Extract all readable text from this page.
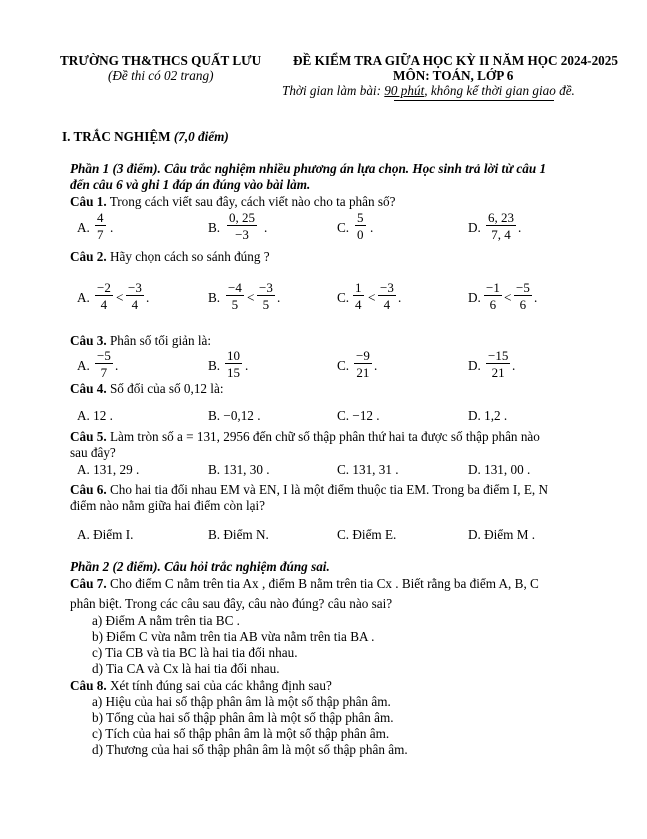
TRƯỜNG TH&THCS QUẤT LƯU
(Đề thi có 02 trang)
ĐỀ KIỂM TRA GIỮA HỌC KỲ II NĂM HỌC 2024-2025
MÔN: TOÁN, LỚP 6
Thời gian làm bài: 90 phút, không kể thời gian giao đề.
I. TRẮC NGHIỆM (7,0 điểm)
Phần 1 (3 điểm). Câu trắc nghiệm nhiều phương án lựa chọn. Học sinh trả lời từ câu 1
đến câu 6 và ghi 1 đáp án đúng vào bài làm.
Câu 1. Trong cách viết sau đây, cách viết nào cho ta phân số?
A. $\frac{4}{7}$ .	B. $\frac{0, 25}{-3}$ .	C. $\frac{5}{0}$ .	D. $\frac{6, 23}{7, 4}$ .
Câu 2. Hãy chọn cách so sánh đúng ?
A. $\frac{-2}{4} < \frac{-3}{4}$ .	B. $\frac{-4}{5} < \frac{-3}{5}$ .	C. $\frac{1}{4} < \frac{-3}{4}$ .	D. $\frac{-1}{6} < \frac{-5}{6}$ .
Câu 3. Phân số tối giản là:
A. $\frac{-5}{7}$ .	B. $\frac{10}{15}$ .	C. $\frac{-9}{21}$ .	D. $\frac{-15}{21}$ .
Câu 4. Số đối của số 0,12 là:
A. 12 .	B. −0,12 .	C. −12 .	D. 1,2 .
Câu 5. Làm tròn số a = 131, 2956 đến chữ số thập phân thứ hai ta được số thập phân nào
sau đây?
A. 131, 29 .	B. 131, 30 .	C. 131, 31 .	D. 131, 00 .
Câu 6. Cho hai tia đối nhau EM và EN, I là một điểm thuộc tia EM. Trong ba điểm I, E, N
điểm nào nằm giữa hai điểm còn lại?
A. Điểm I.	B. Điểm N.	C. Điểm E.	D. Điểm M .
Phần 2 (2 điểm). Câu hỏi trắc nghiệm đúng sai.
Câu 7. Cho điểm C nằm trên tia Ax , điểm B nằm trên tia Cx . Biết rằng ba điểm A, B, C
phân biệt. Trong các câu sau đây, câu nào đúng? câu nào sai?
a) Điểm A nằm trên tia BC .
b) Điểm C vừa nằm trên tia AB vừa nằm trên tia BA .
c) Tia CB và tia BC là hai tia đối nhau.
d) Tia CA và Cx là hai tia đối nhau.
Câu 8. Xét tính đúng sai của các khẳng định sau?
a) Hiệu của hai số thập phân âm là một số thập phân âm.
b) Tổng của hai số thập phân âm là một số thập phân âm.
c) Tích của hai số thập phân âm là một số thập phân âm.
d) Thương của hai số thập phân âm là một số thập phân âm.
